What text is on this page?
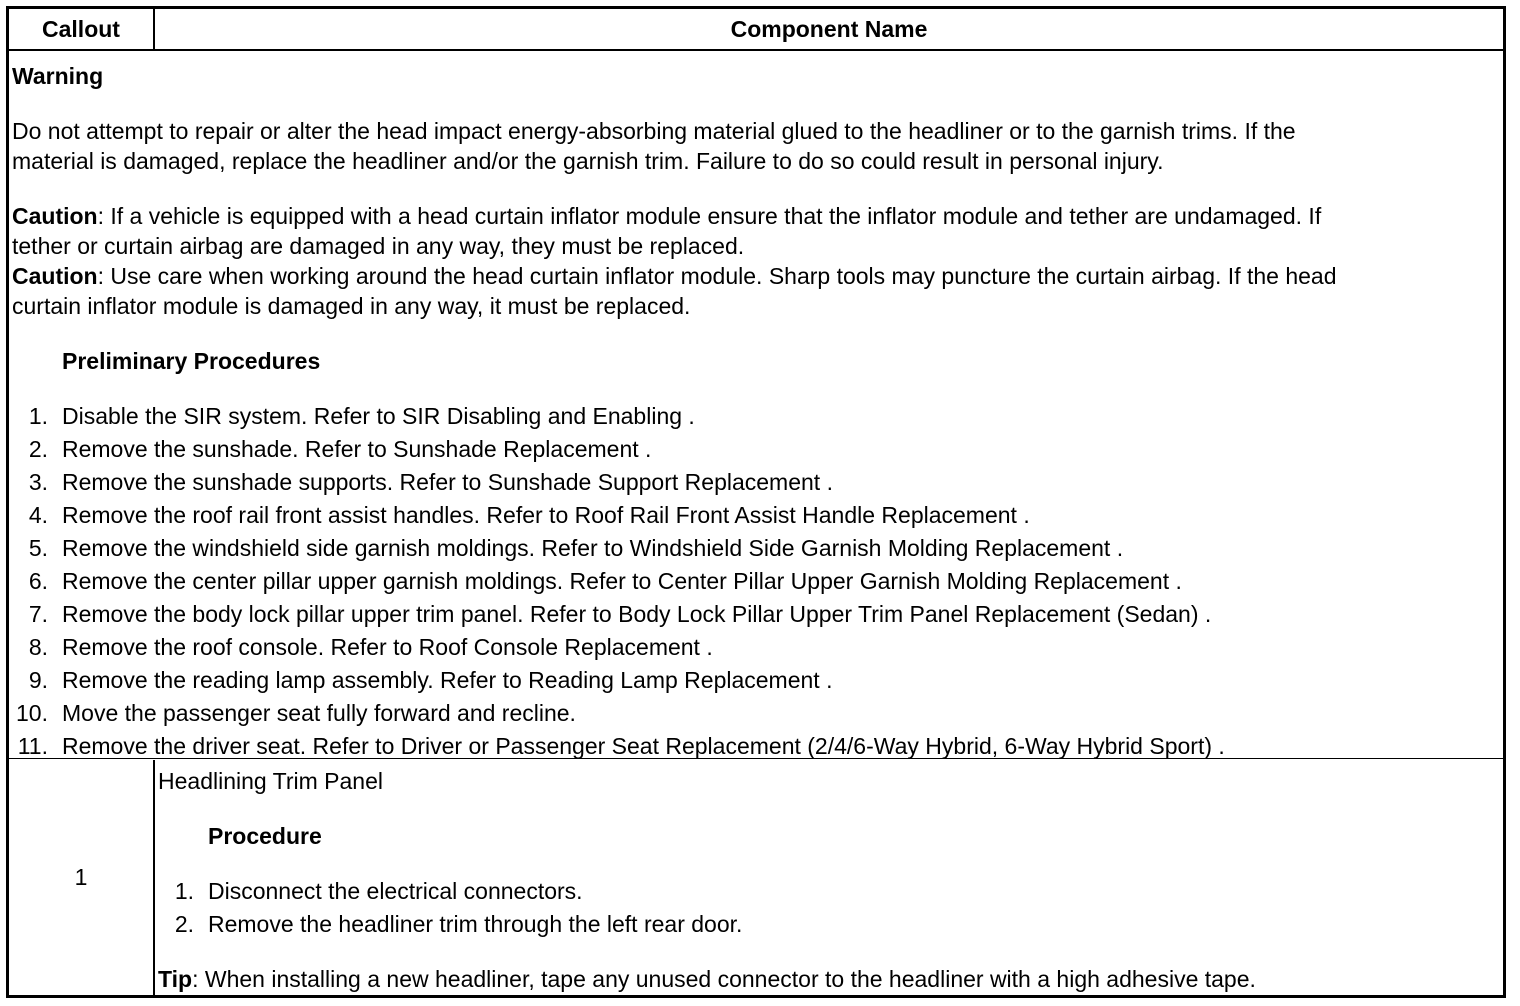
Callout	Component Name
Warning
Do not attempt to repair or alter the head impact energy-absorbing material glued to the headliner or to the garnish trims. If the
material is damaged, replace the headliner and/or the garnish trim. Failure to do so could result in personal injury.
Caution: If a vehicle is equipped with a head curtain inflator module ensure that the inflator module and tether are undamaged. If
tether or curtain airbag are damaged in any way, they must be replaced.
Caution: Use care when working around the head curtain inflator module. Sharp tools may puncture the curtain airbag. If the head
curtain inflator module is damaged in any way, it must be replaced.
Preliminary Procedures
1. Disable the SIR system. Refer to SIR Disabling and Enabling .
2. Remove the sunshade. Refer to Sunshade Replacement .
3. Remove the sunshade supports. Refer to Sunshade Support Replacement .
4. Remove the roof rail front assist handles. Refer to Roof Rail Front Assist Handle Replacement .
5. Remove the windshield side garnish moldings. Refer to Windshield Side Garnish Molding Replacement .
6. Remove the center pillar upper garnish moldings. Refer to Center Pillar Upper Garnish Molding Replacement .
7. Remove the body lock pillar upper trim panel. Refer to Body Lock Pillar Upper Trim Panel Replacement (Sedan) .
8. Remove the roof console. Refer to Roof Console Replacement .
9. Remove the reading lamp assembly. Refer to Reading Lamp Replacement .
10. Move the passenger seat fully forward and recline.
11. Remove the driver seat. Refer to Driver or Passenger Seat Replacement (2/4/6-Way Hybrid, 6-Way Hybrid Sport) .
1
Headlining Trim Panel
Procedure
1. Disconnect the electrical connectors.
2. Remove the headliner trim through the left rear door.
Tip: When installing a new headliner, tape any unused connector to the headliner with a high adhesive tape.
